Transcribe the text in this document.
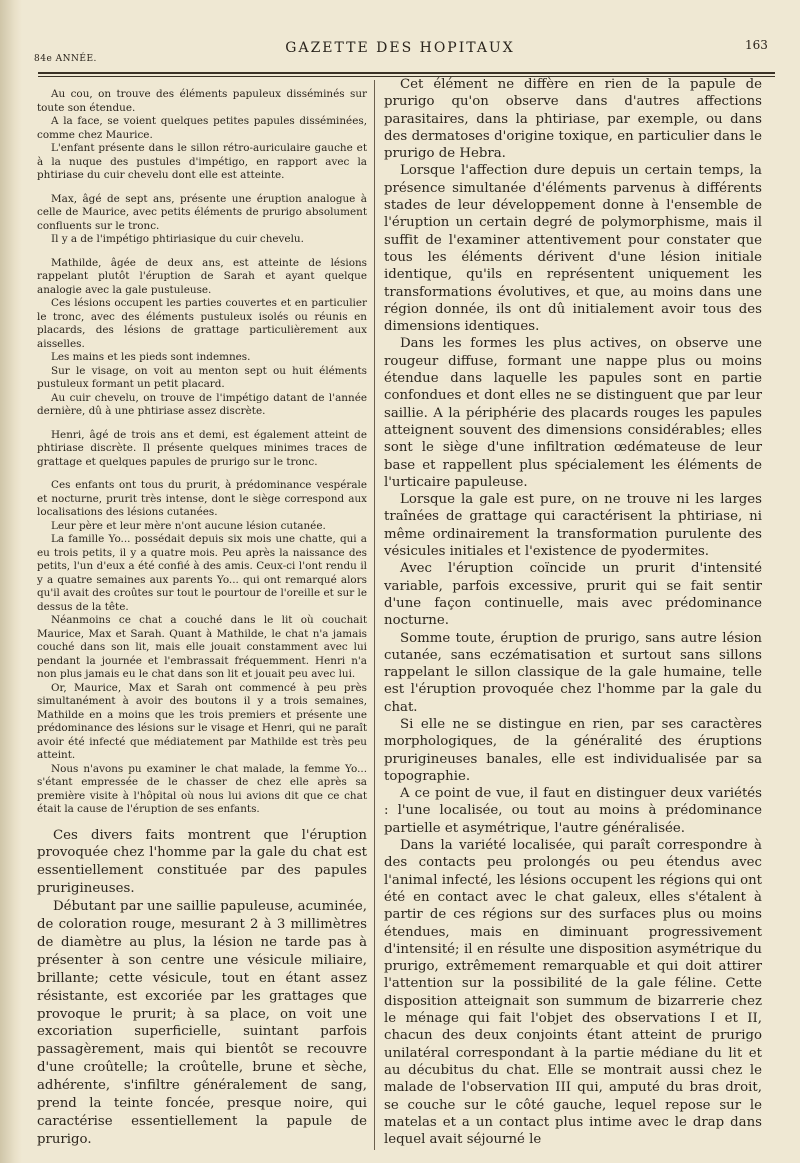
84e ANNÉE.
GAZETTE DES HOPITAUX	163

Au cou, on trouve des éléments papuleux disséminés sur toute son étendue.

A la face, se voient quelques petites papules disséminées, comme chez Maurice.

L'enfant présente dans le sillon rétro-auriculaire gauche et à la nuque des pustules d'impétigo, en rapport avec la phtiriase du cuir chevelu dont elle est atteinte.

Max, âgé de sept ans, présente une éruption analogue à celle de Maurice, avec petits éléments de prurigo absolument confluents sur le tronc.

Il y a de l'impétigo phtiriasique du cuir chevelu.

Mathilde, âgée de deux ans, est atteinte de lésions rappelant plutôt l'éruption de Sarah et ayant quelque analogie avec la gale pustuleuse.

Ces lésions occupent les parties couvertes et en particulier le tronc, avec des éléments pustuleux isolés ou réunis en placards, des lésions de grattage particulièrement aux aisselles.

Les mains et les pieds sont indemnes.

Sur le visage, on voit au menton sept ou huit éléments pustuleux formant un petit placard.

Au cuir chevelu, on trouve de l'impétigo datant de l'année dernière, dû à une phtiriase assez discrète.

Henri, âgé de trois ans et demi, est également atteint de phtiriase discrète. Il présente quelques minimes traces de grattage et quelques papules de prurigo sur le tronc.

Ces enfants ont tous du prurit, à prédominance vespérale et nocturne, prurit très intense, dont le siège correspond aux localisations des lésions cutanées.

Leur père et leur mère n'ont aucune lésion cutanée.

La famille Yo... possédait depuis six mois une chatte, qui a eu trois petits, il y a quatre mois. Peu après la naissance des petits, l'un d'eux a été confié à des amis. Ceux-ci l'ont rendu il y a quatre semaines aux parents Yo... qui ont remarqué alors qu'il avait des croûtes sur tout le pourtour de l'oreille et sur le dessus de la tête.

Néanmoins ce chat a couché dans le lit où couchait Maurice, Max et Sarah. Quant à Mathilde, le chat n'a jamais couché dans son lit, mais elle jouait constamment avec lui pendant la journée et l'embrassait fréquemment. Henri n'a non plus jamais eu le chat dans son lit et jouait peu avec lui.

Or, Maurice, Max et Sarah ont commencé à peu près simultanément à avoir des boutons il y a trois semaines, Mathilde en a moins que les trois premiers et présente une prédominance des lésions sur le visage et Henri, qui ne paraît avoir été infecté que médiatement par Mathilde est très peu atteint.

Nous n'avons pu examiner le chat malade, la femme Yo... s'étant empressée de le chasser de chez elle après sa première visite à l'hôpital où nous lui avions dit que ce chat était la cause de l'éruption de ses enfants.

Ces divers faits montrent que l'éruption provoquée chez l'homme par la gale du chat est essentiellement constituée par des papules prurigineuses.

Débutant par une saillie papuleuse, acuminée, de coloration rouge, mesurant 2 à 3 millimètres de diamètre au plus, la lésion ne tarde pas à présenter à son centre une vésicule miliaire, brillante; cette vésicule, tout en étant assez résistante, est excoriée par les grattages que provoque le prurit; à sa place, on voit une excoriation superficielle, suintant parfois passagèrement, mais qui bientôt se recouvre d'une croûtelle; la croûtelle, brune et sèche, adhérente, s'infiltre généralement de sang, prend la teinte foncée, presque noire, qui caractérise essentiellement la papule de prurigo.

Cet élément ne diffère en rien de la papule de prurigo qu'on observe dans d'autres affections parasitaires, dans la phtiriase, par exemple, ou dans des dermatoses d'origine toxique, en particulier dans le prurigo de Hebra.

Lorsque l'affection dure depuis un certain temps, la présence simultanée d'éléments parvenus à différents stades de leur développement donne à l'ensemble de l'éruption un certain degré de polymorphisme, mais il suffit de l'examiner attentivement pour constater que tous les éléments dérivent d'une lésion initiale identique, qu'ils en représentent uniquement les transformations évolutives, et que, au moins dans une région donnée, ils ont dû initialement avoir tous des dimensions identiques.

Dans les formes les plus actives, on observe une rougeur diffuse, formant une nappe plus ou moins étendue dans laquelle les papules sont en partie confondues et dont elles ne se distinguent que par leur saillie. A la périphérie des placards rouges les papules atteignent souvent des dimensions considérables; elles sont le siège d'une infiltration œdémateuse de leur base et rappellent plus spécialement les éléments de l'urticaire papuleuse.

Lorsque la gale est pure, on ne trouve ni les larges traînées de grattage qui caractérisent la phtiriase, ni même ordinairement la transformation purulente des vésicules initiales et l'existence de pyodermites.

Avec l'éruption coïncide un prurit d'intensité variable, parfois excessive, prurit qui se fait sentir d'une façon continuelle, mais avec prédominance nocturne.

Somme toute, éruption de prurigo, sans autre lésion cutanée, sans eczématisation et surtout sans sillons rappelant le sillon classique de la gale humaine, telle est l'éruption provoquée chez l'homme par la gale du chat.

Si elle ne se distingue en rien, par ses caractères morphologiques, de la généralité des éruptions prurigineuses banales, elle est individualisée par sa topographie.

A ce point de vue, il faut en distinguer deux variétés : l'une localisée, ou tout au moins à prédominance partielle et asymétrique, l'autre généralisée.

Dans la variété localisée, qui paraît correspondre à des contacts peu prolongés ou peu étendus avec l'animal infecté, les lésions occupent les régions qui ont été en contact avec le chat galeux, elles s'étalent à partir de ces régions sur des surfaces plus ou moins étendues, mais en diminuant progressivement d'intensité; il en résulte une disposition asymétrique du prurigo, extrêmement remarquable et qui doit attirer l'attention sur la possibilité de la gale féline. Cette disposition atteignait son summum de bizarrerie chez le ménage qui fait l'objet des observations I et II, chacun des deux conjoints étant atteint de prurigo unilatéral correspondant à la partie médiane du lit et au décubitus du chat. Elle se montrait aussi chez le malade de l'observation III qui, amputé du bras droit, se couche sur le côté gauche, lequel repose sur le matelas et a un contact plus intime avec le drap dans lequel avait séjourné le
